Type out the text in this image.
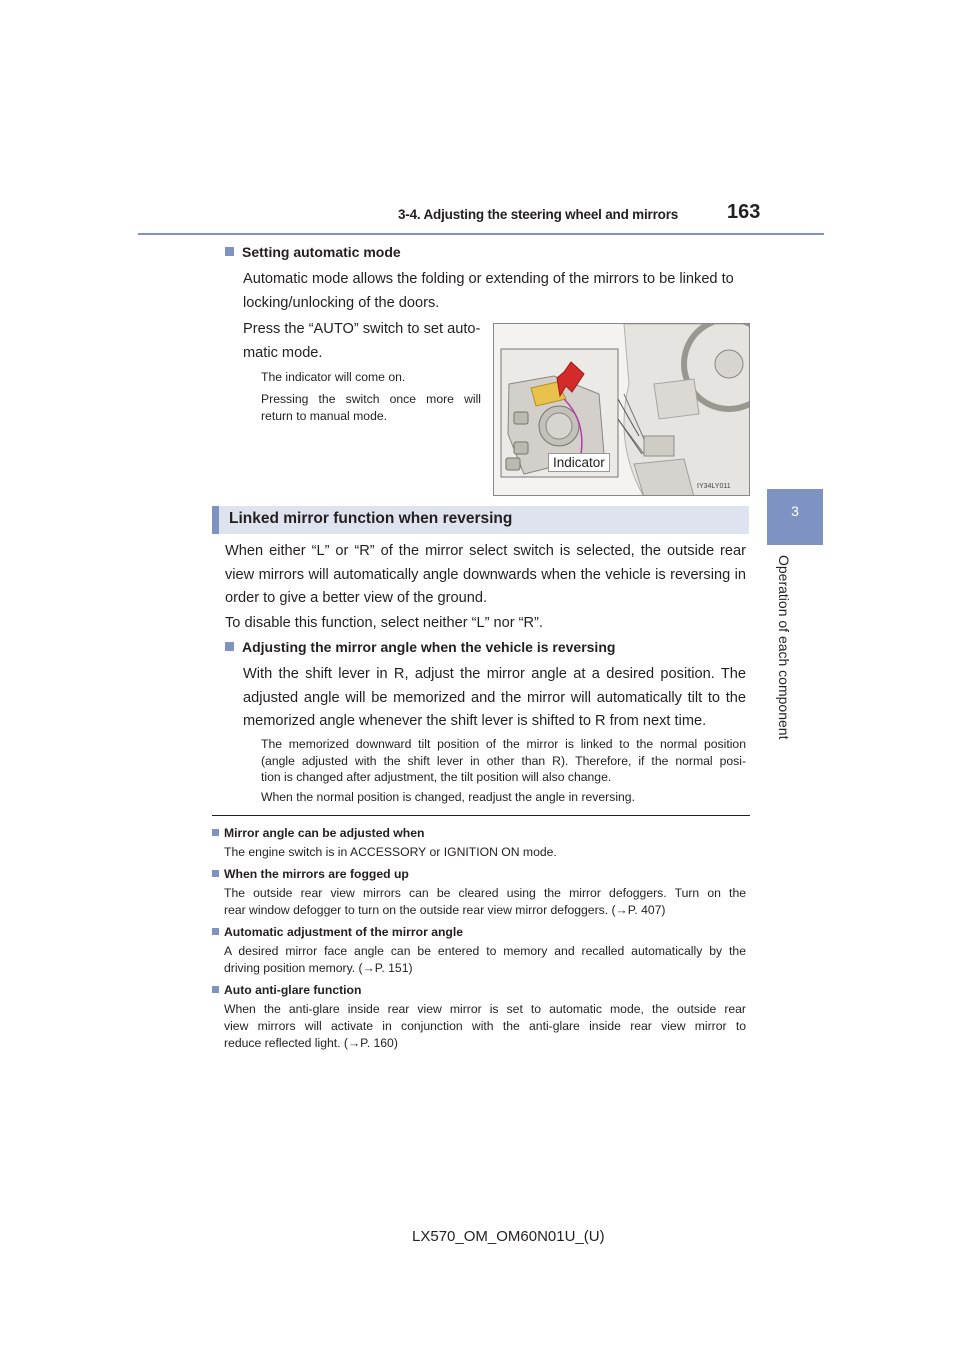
3-4. Adjusting the steering wheel and mirrors 163
3
Operation of each component
Setting automatic mode
Automatic mode allows the folding or extending of the mirrors to be linked to
locking/unlocking of the doors.
Press the “AUTO” switch to set auto-
matic mode.
The indicator will come on.
Pressing the switch once more will
return to manual mode.
Indicator
IY34LY011
Linked mirror function when reversing
When either “L” or “R” of the mirror select switch is selected, the outside rear
view mirrors will automatically angle downwards when the vehicle is reversing in
order to give a better view of the ground.
To disable this function, select neither “L” nor “R”.
Adjusting the mirror angle when the vehicle is reversing
With the shift lever in R, adjust the mirror angle at a desired position. The
adjusted angle will be memorized and the mirror will automatically tilt to the
memorized angle whenever the shift lever is shifted to R from next time.
The memorized downward tilt position of the mirror is linked to the normal position
(angle adjusted with the shift lever in other than R). Therefore, if the normal posi-
tion is changed after adjustment, the tilt position will also change.
When the normal position is changed, readjust the angle in reversing.
Mirror angle can be adjusted when
The engine switch is in ACCESSORY or IGNITION ON mode.
When the mirrors are fogged up
The outside rear view mirrors can be cleared using the mirror defoggers. Turn on the
rear window defogger to turn on the outside rear view mirror defoggers. (→P. 407)
Automatic adjustment of the mirror angle
A desired mirror face angle can be entered to memory and recalled automatically by the
driving position memory. (→P. 151)
Auto anti-glare function
When the anti-glare inside rear view mirror is set to automatic mode, the outside rear
view mirrors will activate in conjunction with the anti-glare inside rear view mirror to
reduce reflected light. (→P. 160)
LX570_OM_OM60N01U_(U)
